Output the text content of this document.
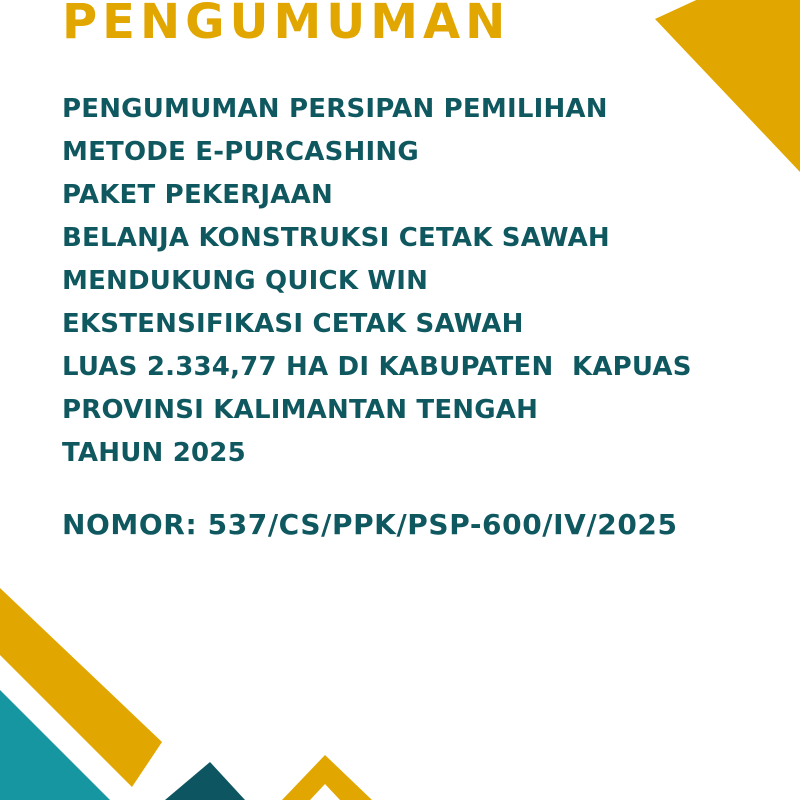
PENGUMUMAN
PENGUMUMAN PERSIPAN PEMILIHAN
METODE E-PURCASHING
PAKET PEKERJAAN
BELANJA KONSTRUKSI CETAK SAWAH
MENDUKUNG QUICK WIN
EKSTENSIFIKASI CETAK SAWAH
LUAS 2.334,77 HA DI KABUPATEN  KAPUAS
PROVINSI KALIMANTAN TENGAH
TAHUN 2025

NOMOR: 537/CS/PPK/PSP-600/IV/2025
